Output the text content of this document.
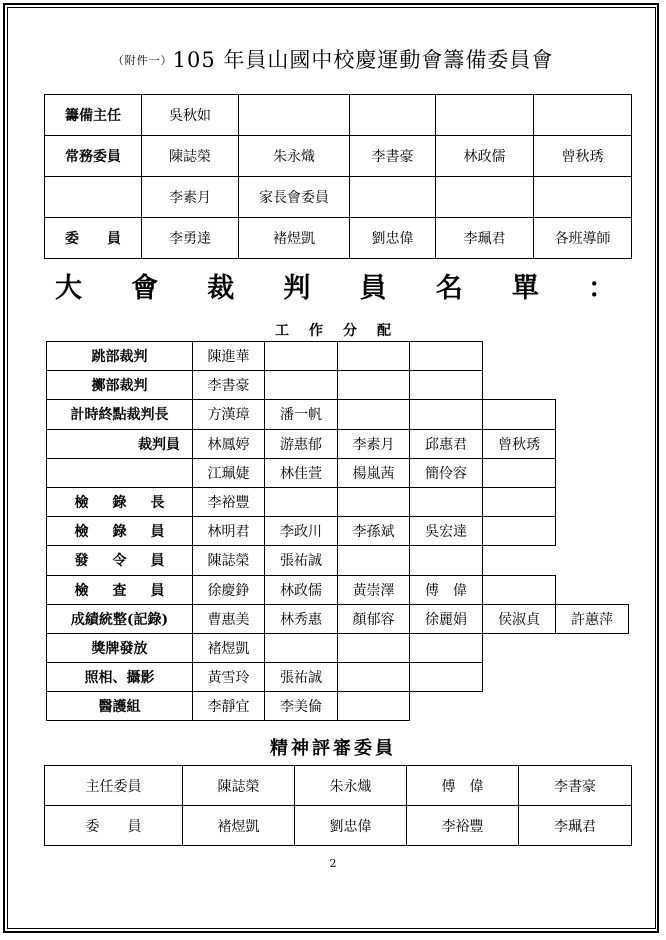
（附件一）105 年員山國中校慶運動會籌備委員會
籌備主任	吳秋如				
常務委員	陳誌榮	朱永熾	李書豪	林政儒	曾秋琇
	李素月	家長會委員			
委　　員	李勇達	褚煜凱	劉忠偉	李珮君	各班導師
大 會 裁 判 員 名 單 ：
工作分配
跳部裁判	陳進華					
擲部裁判	李書豪					
計時終點裁判長	方漢璋	潘一帆				
裁判員	林鳳婷	游惠郁	李素月	邱惠君	曾秋琇	
	江珮婕	林佳萱	楊嵐茜	簡伶容		
檢錄長	李裕豐					
檢錄員	林明君	李政川	李孫斌	吳宏達		
發令員	陳誌榮	張祐誠				
檢查員	徐慶錚	林政儒	黃崇澤	傅　偉		
成績統整(記錄)	曹惠美	林秀惠	顏郁容	徐麗娟	侯淑貞	許蕙萍
獎牌發放	褚煜凱					
照相、攝影	黃雪玲	張祐誠				
醫護組	李靜宜	李美倫				
精神評審委員
主任委員	陳誌榮	朱永熾	傅　偉	李書豪
委　　員	褚煜凱	劉忠偉	李裕豐	李珮君
2
